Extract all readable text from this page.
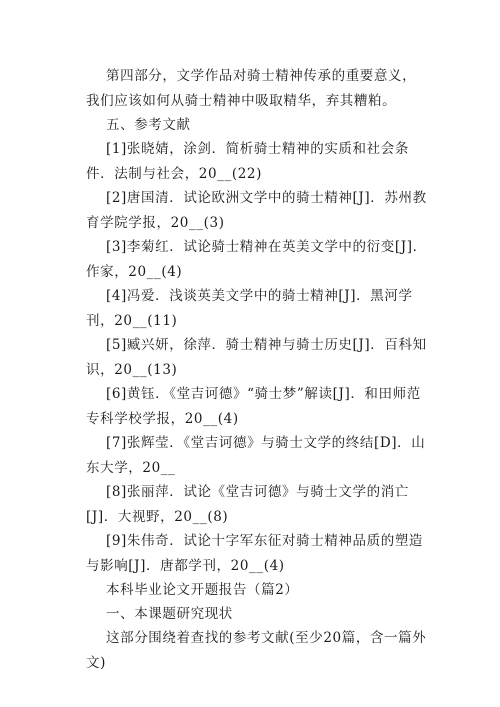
第四部分，文学作品对骑士精神传承的重要意义，我们应该如何从骑士精神中吸取精华，弃其糟粕。

五、参考文献

[1]张晓婧，涂剑．简析骑士精神的实质和社会条件．法制与社会，20__(22)

[2]唐国清．试论欧洲文学中的骑士精神[J]．苏州教育学院学报，20__(3)

[3]李菊红．试论骑士精神在英美文学中的衍变[J]．作家，20__(4)

[4]冯爱．浅谈英美文学中的骑士精神[J]．黑河学刊，20__(11)

[5]臧兴妍，徐萍．骑士精神与骑士历史[J]．百科知识，20__(13)

[6]黄钰．《堂吉诃德》“骑士梦”解读[J]．和田师范专科学校学报，20__(4)

[7]张辉莹．《堂吉诃德》与骑士文学的终结[D]．山东大学，20__

[8]张丽萍．试论《堂吉诃德》与骑士文学的消亡[J]．大视野，20__(8)

[9]朱伟奇．试论十字军东征对骑士精神品质的塑造与影响[J]．唐都学刊，20__(4)

本科毕业论文开题报告（篇2）

一、本课题研究现状

这部分围绕着查找的参考文献(至少20篇，含一篇外文)
